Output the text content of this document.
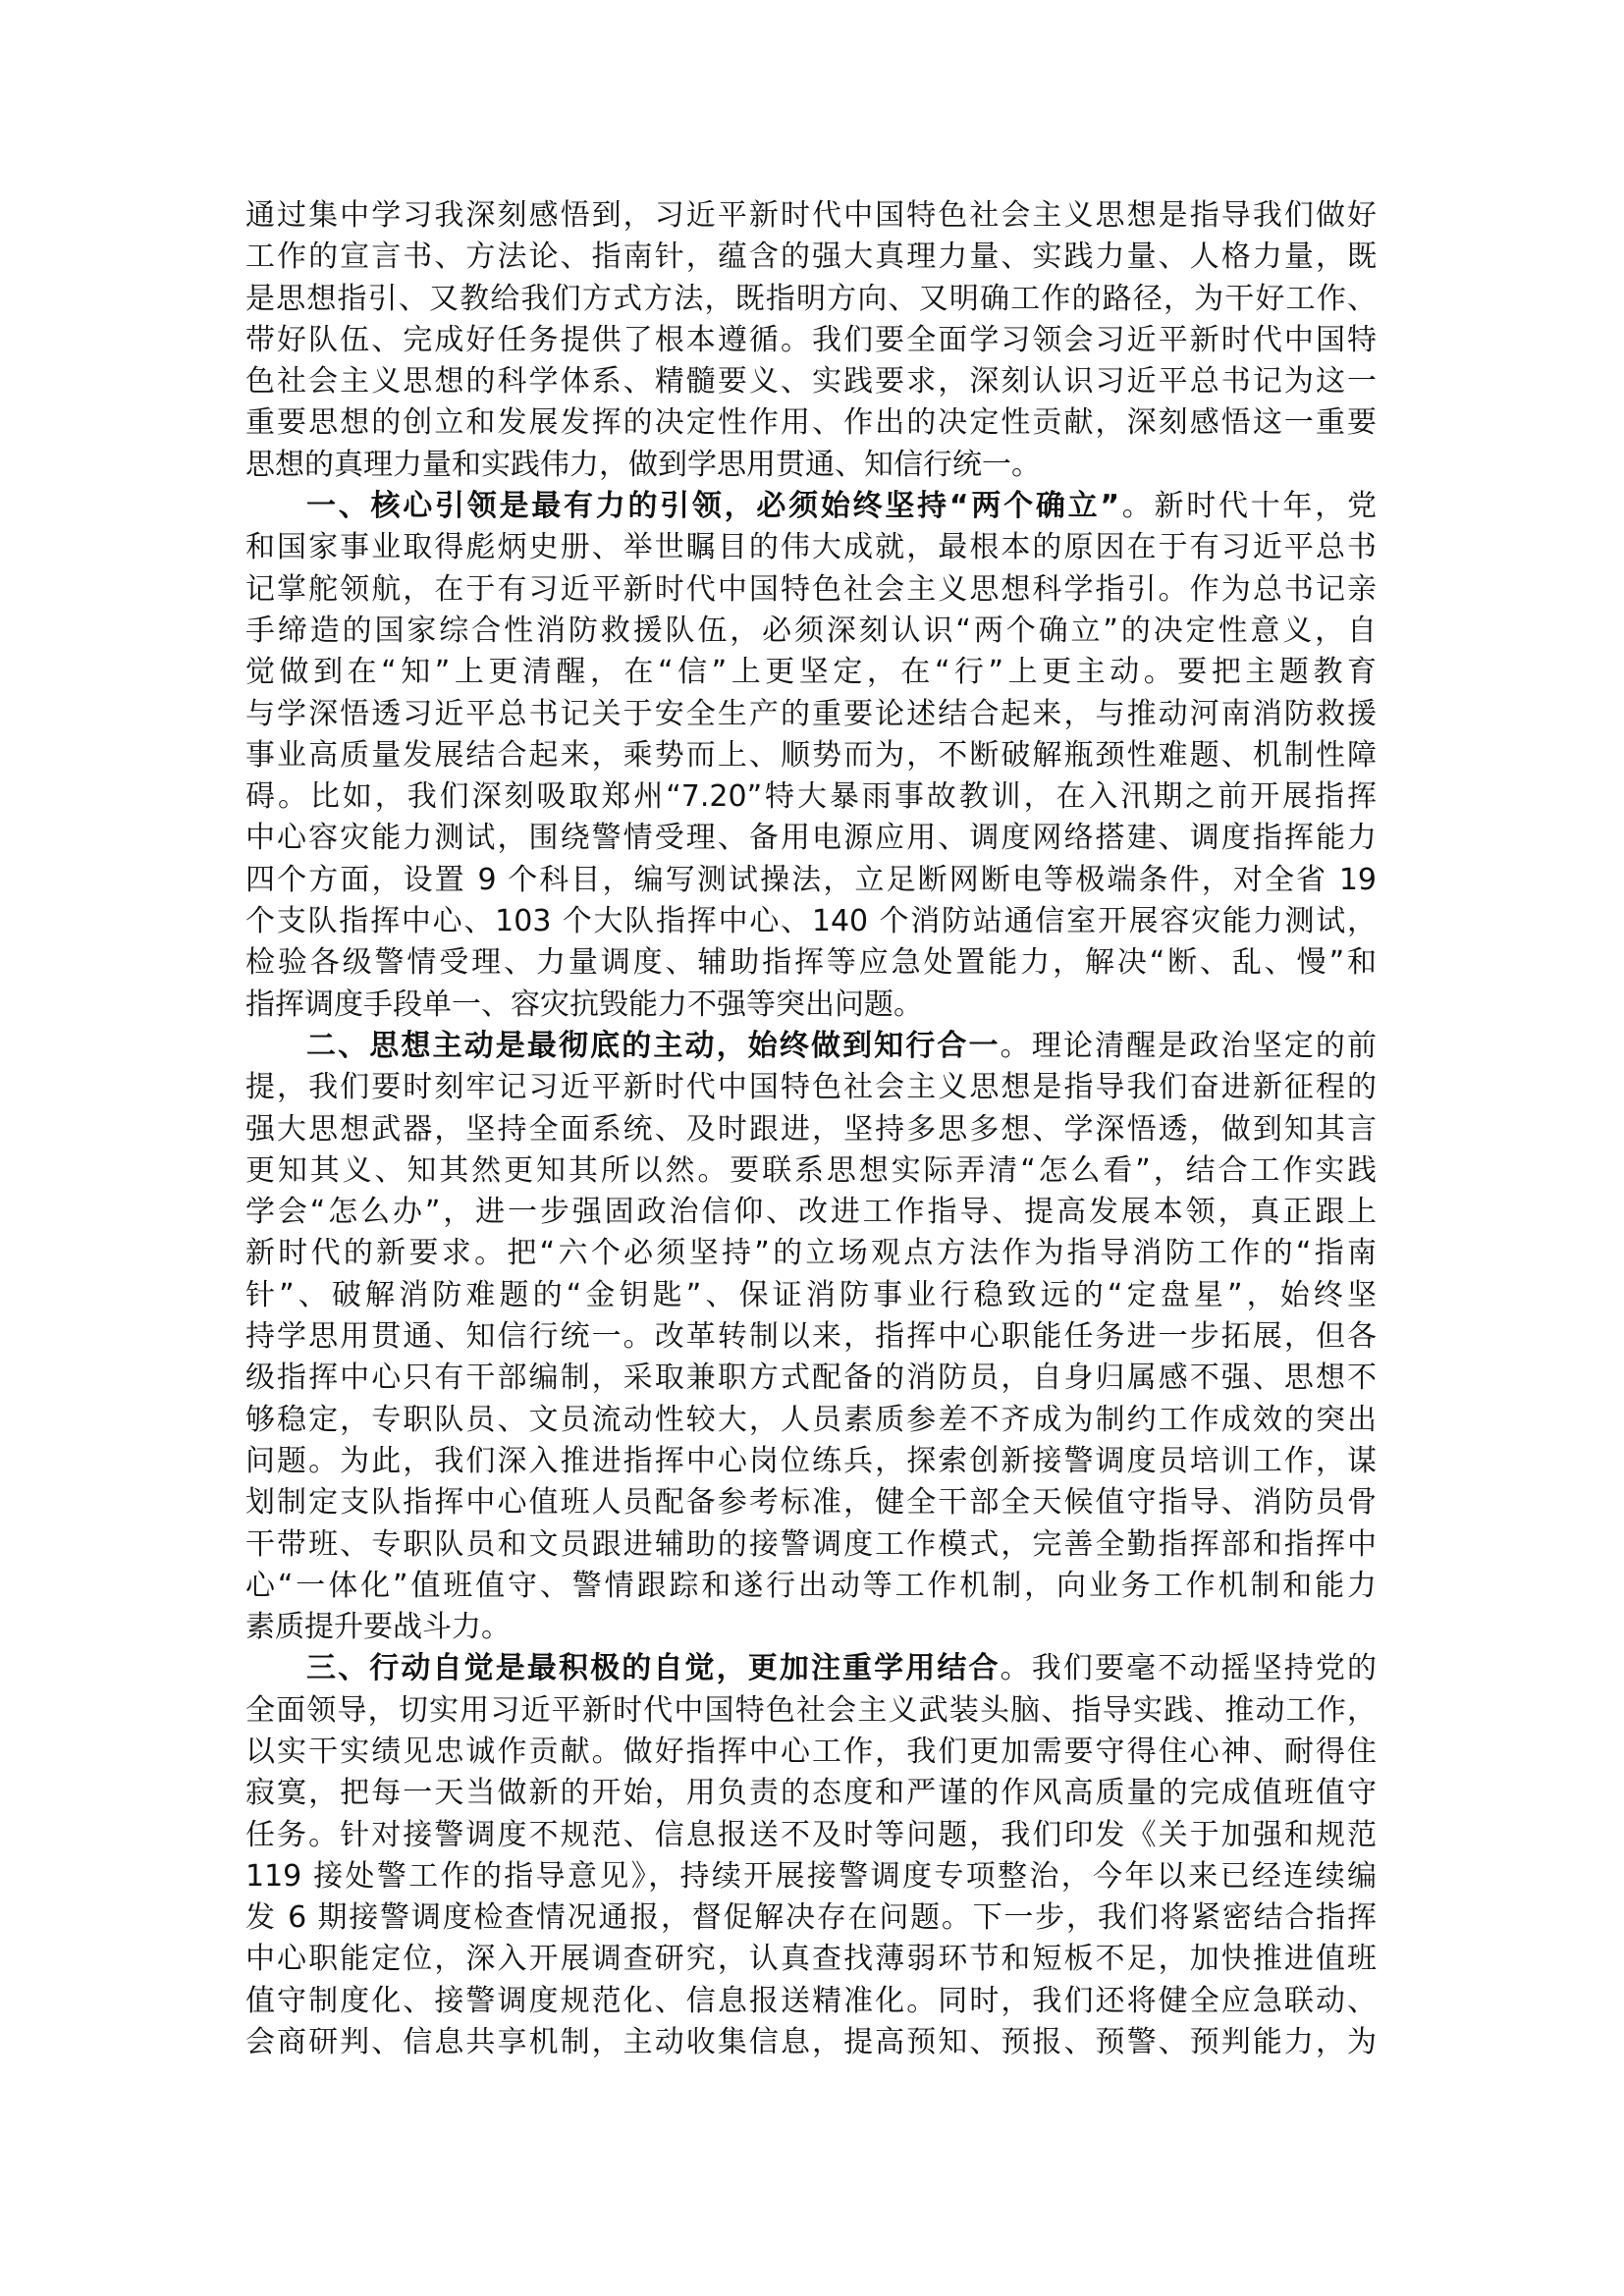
通过集中学习我深刻感悟到，习近平新时代中国特色社会主义思想是指导我们做好
工作的宣言书、方法论、指南针，蕴含的强大真理力量、实践力量、人格力量，既
是思想指引、又教给我们方式方法，既指明方向、又明确工作的路径，为干好工作、
带好队伍、完成好任务提供了根本遵循。我们要全面学习领会习近平新时代中国特
色社会主义思想的科学体系、精髓要义、实践要求，深刻认识习近平总书记为这一
重要思想的创立和发展发挥的决定性作用、作出的决定性贡献，深刻感悟这一重要
思想的真理力量和实践伟力，做到学思用贯通、知信行统一。
一、核心引领是最有力的引领，必须始终坚持“两个确立”。新时代十年，党
和国家事业取得彪炳史册、举世瞩目的伟大成就，最根本的原因在于有习近平总书
记掌舵领航，在于有习近平新时代中国特色社会主义思想科学指引。作为总书记亲
手缔造的国家综合性消防救援队伍，必须深刻认识“两个确立”的决定性意义，自
觉做到在“知”上更清醒，在“信”上更坚定，在“行”上更主动。要把主题教育
与学深悟透习近平总书记关于安全生产的重要论述结合起来，与推动河南消防救援
事业高质量发展结合起来，乘势而上、顺势而为，不断破解瓶颈性难题、机制性障
碍。比如，我们深刻吸取郑州“7.20”特大暴雨事故教训，在入汛期之前开展指挥
中心容灾能力测试，围绕警情受理、备用电源应用、调度网络搭建、调度指挥能力
四个方面，设置 9 个科目，编写测试操法，立足断网断电等极端条件，对全省 19
个支队指挥中心、103 个大队指挥中心、140 个消防站通信室开展容灾能力测试，
检验各级警情受理、力量调度、辅助指挥等应急处置能力，解决“断、乱、慢”和
指挥调度手段单一、容灾抗毁能力不强等突出问题。
二、思想主动是最彻底的主动，始终做到知行合一。理论清醒是政治坚定的前
提，我们要时刻牢记习近平新时代中国特色社会主义思想是指导我们奋进新征程的
强大思想武器，坚持全面系统、及时跟进，坚持多思多想、学深悟透，做到知其言
更知其义、知其然更知其所以然。要联系思想实际弄清“怎么看”，结合工作实践
学会“怎么办”，进一步强固政治信仰、改进工作指导、提高发展本领，真正跟上
新时代的新要求。把“六个必须坚持”的立场观点方法作为指导消防工作的“指南
针”、破解消防难题的“金钥匙”、保证消防事业行稳致远的“定盘星”，始终坚
持学思用贯通、知信行统一。改革转制以来，指挥中心职能任务进一步拓展，但各
级指挥中心只有干部编制，采取兼职方式配备的消防员，自身归属感不强、思想不
够稳定，专职队员、文员流动性较大，人员素质参差不齐成为制约工作成效的突出
问题。为此，我们深入推进指挥中心岗位练兵，探索创新接警调度员培训工作，谋
划制定支队指挥中心值班人员配备参考标准，健全干部全天候值守指导、消防员骨
干带班、专职队员和文员跟进辅助的接警调度工作模式，完善全勤指挥部和指挥中
心“一体化”值班值守、警情跟踪和遂行出动等工作机制，向业务工作机制和能力
素质提升要战斗力。
三、行动自觉是最积极的自觉，更加注重学用结合。我们要毫不动摇坚持党的
全面领导，切实用习近平新时代中国特色社会主义武装头脑、指导实践、推动工作，
以实干实绩见忠诚作贡献。做好指挥中心工作，我们更加需要守得住心神、耐得住
寂寞，把每一天当做新的开始，用负责的态度和严谨的作风高质量的完成值班值守
任务。针对接警调度不规范、信息报送不及时等问题，我们印发《关于加强和规范
119 接处警工作的指导意见》，持续开展接警调度专项整治，今年以来已经连续编
发 6 期接警调度检查情况通报，督促解决存在问题。下一步，我们将紧密结合指挥
中心职能定位，深入开展调查研究，认真查找薄弱环节和短板不足，加快推进值班
值守制度化、接警调度规范化、信息报送精准化。同时，我们还将健全应急联动、
会商研判、信息共享机制，主动收集信息，提高预知、预报、预警、预判能力，为
